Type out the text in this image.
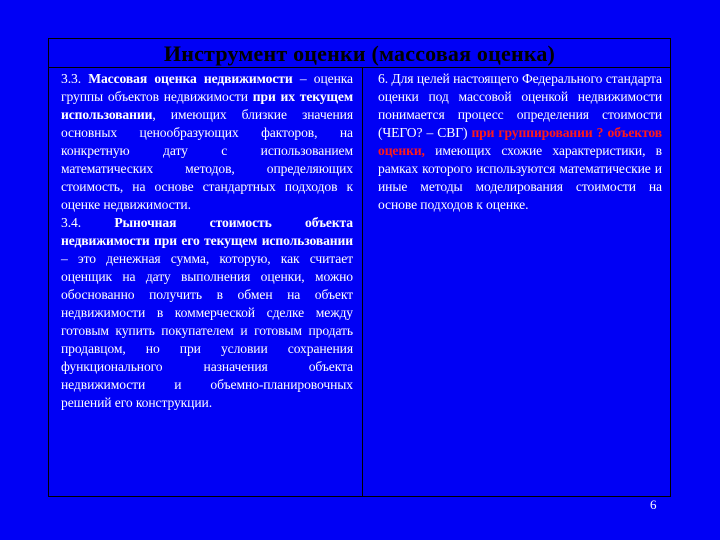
Инструмент оценки (массовая оценка)

3.3. Массовая оценка недвижимости – оценка группы объектов недвижимости при их текущем использовании, имеющих близкие значения основных ценообразующих факторов, на конкретную дату с использованием математических методов, определяющих стоимость, на основе стандартных подходов к оценке недвижимости.

3.4. Рыночная стоимость объекта недвижимости при его текущем использовании – это денежная сумма, которую, как считает оценщик на дату выполнения оценки, можно обоснованно получить в обмен на объект недвижимости в коммерческой сделке между готовым купить покупателем и готовым продать продавцом, но при условии сохранения функционального назначения объекта недвижимости и объемно-планировочных решений его конструкции.

6. Для целей настоящего Федерального стандарта оценки под массовой оценкой недвижимости понимается процесс определения стоимости (ЧЕГО? – СВГ) при группировании ? объектов оценки, имеющих схожие характеристики, в рамках которого используются математические и иные методы моделирования стоимости на основе подходов к оценке.

6
